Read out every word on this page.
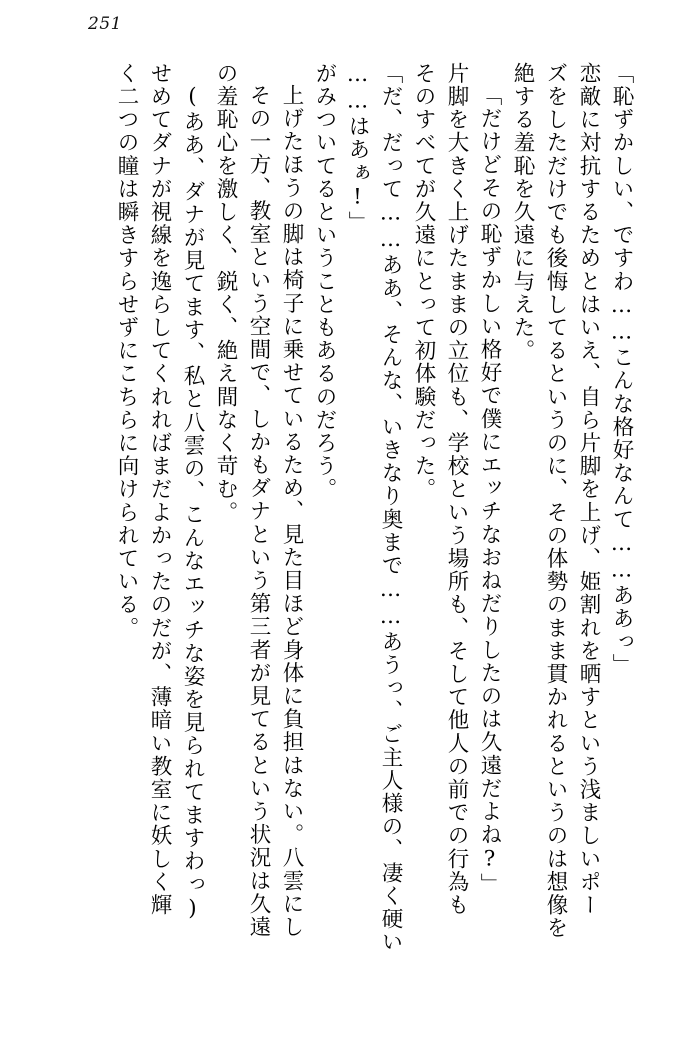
251
「恥ずかしい、ですわ……こんな格好なんて……ああっ」
恋敵に対抗するためとはいえ、自ら片脚を上げ、姫割れを晒すという浅ましいポー
ズをしただけでも後悔してるというのに、その体勢のまま貫かれるというのは想像を
絶する羞恥を久遠に与えた。
「だけどその恥ずかしい格好で僕にエッチなおねだりしたのは久遠だよね?」
片脚を大きく上げたままの立位も、学校という場所も、そして他人の前での行為も
そのすべてが久遠にとって初体験だった。
「だ、だって……ああ、そんな、いきなり奥まで……あうっ、ご主人様の、凄く硬い
……はあぁ!」
がみついてるということもあるのだろう。
上げたほうの脚は椅子に乗せているため、見た目ほど身体に負担はない。八雲にし
その一方、教室という空間で、しかもダナという第三者が見てるという状況は久遠
の羞恥心を激しく、鋭く、絶え間なく苛む。
(ああ、ダナが見てます、私と八雲の、こんなエッチな姿を見られてますわっ)
せめてダナが視線を逸らしてくれればまだよかったのだが、薄暗い教室に妖しく輝
く二つの瞳は瞬きすらせずにこちらに向けられている。
